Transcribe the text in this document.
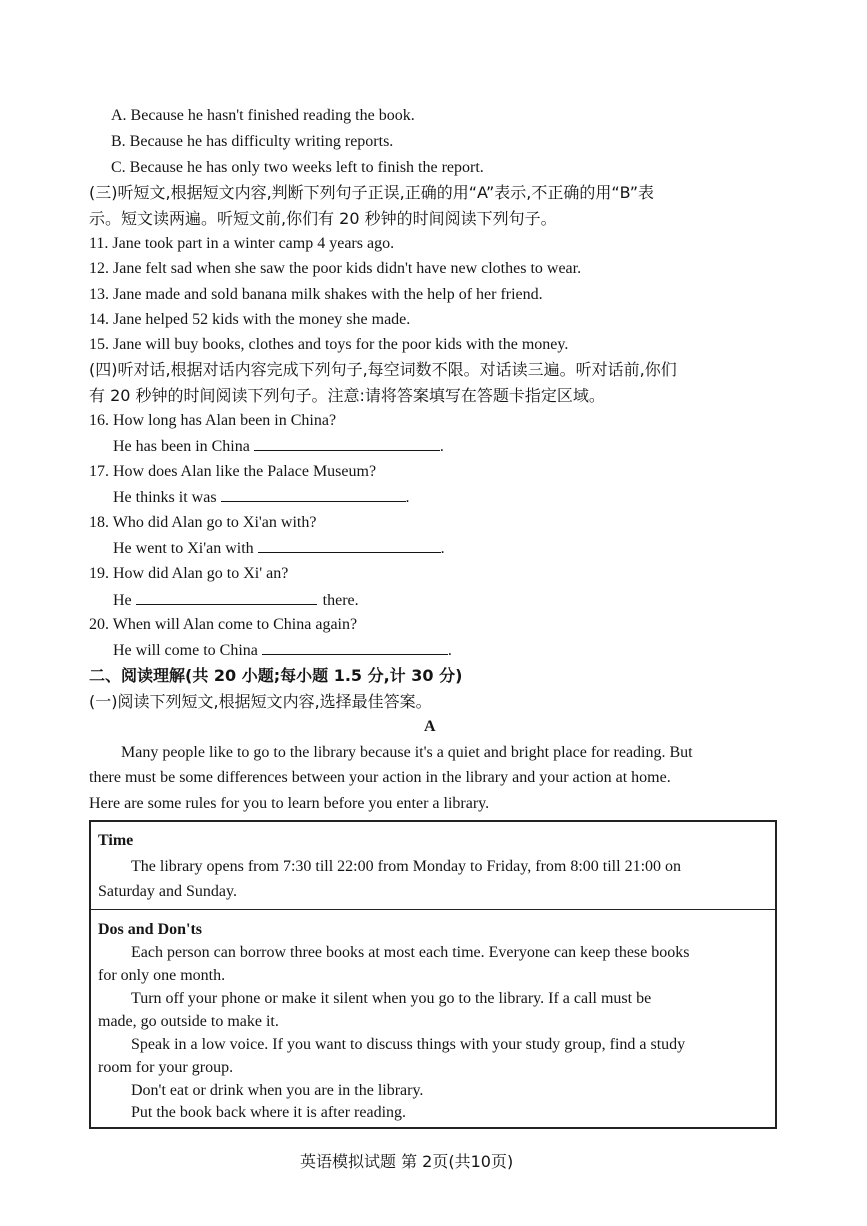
A. Because he hasn't finished reading the book.
B. Because he has difficulty writing reports.
C. Because he has only two weeks left to finish the report.
(三)听短文,根据短文内容,判断下列句子正误,正确的用“A”表示,不正确的用“B”表
示。短文读两遍。听短文前,你们有 20 秒钟的时间阅读下列句子。
11. Jane took part in a winter camp 4 years ago.
12. Jane felt sad when she saw the poor kids didn't have new clothes to wear.
13. Jane made and sold banana milk shakes with the help of her friend.
14. Jane helped 52 kids with the money she made.
15. Jane will buy books, clothes and toys for the poor kids with the money.
(四)听对话,根据对话内容完成下列句子,每空词数不限。对话读三遍。听对话前,你们
有 20 秒钟的时间阅读下列句子。注意:请将答案填写在答题卡指定区域。
16. How long has Alan been in China?
He has been in China	.
17. How does Alan like the Palace Museum?
He thinks it was	.
18. Who did Alan go to Xi'an with?
He went to Xi'an with	.
19. How did Alan go to Xi' an?
He	there.
20. When will Alan come to China again?
He will come to China	.
二、阅读理解(共 20 小题;每小题 1.5 分,计 30 分)
(一)阅读下列短文,根据短文内容,选择最佳答案。
A
Many people like to go to the library because it's a quiet and bright place for reading. But
there must be some differences between your action in the library and your action at home.
Here are some rules for you to learn before you enter a library.
Time
The library opens from 7:30 till 22:00 from Monday to Friday, from 8:00 till 21:00 on
Saturday and Sunday.
Dos and Don'ts
Each person can borrow three books at most each time. Everyone can keep these books
for only one month.
Turn off your phone or make it silent when you go to the library. If a call must be
made, go outside to make it.
Speak in a low voice. If you want to discuss things with your study group, find a study
room for your group.
Don't eat or drink when you are in the library.
Put the book back where it is after reading.
英语模拟试题 第 2页(共10页)
